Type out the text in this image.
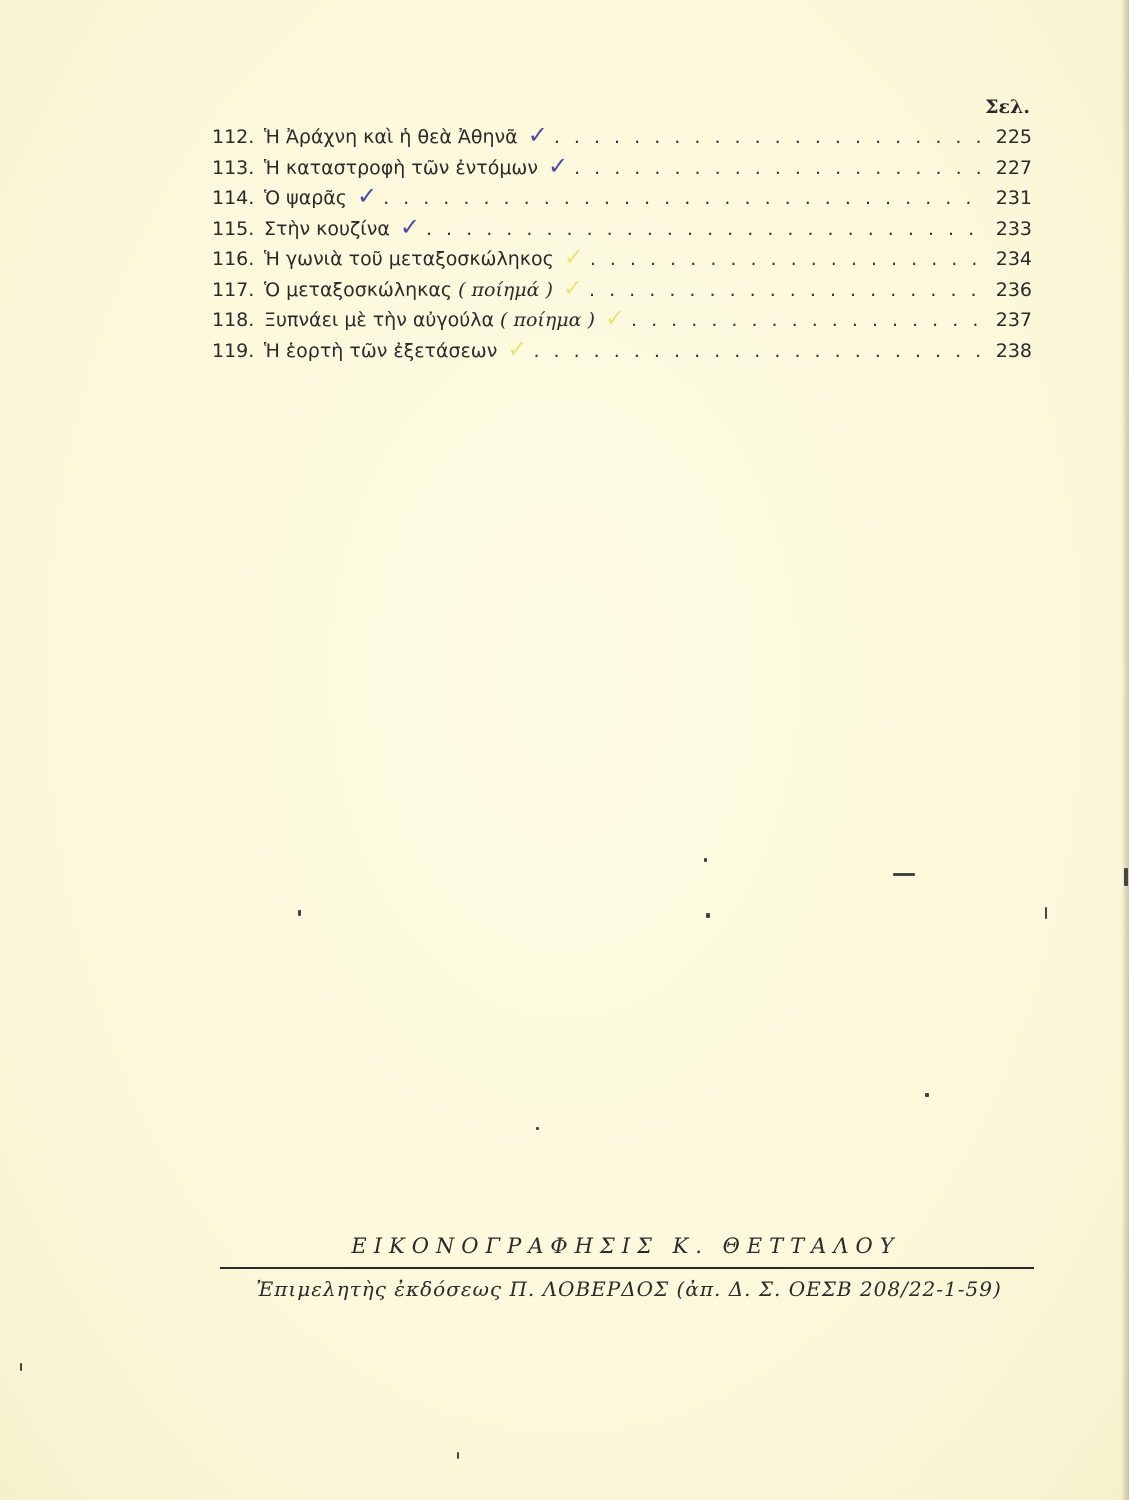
Σελ.
112. Ἡ Ἀράχνη καὶ ἡ θεὰ Ἀθηνᾶ ✓ . . .	225
113. Ἡ καταστροφὴ τῶν ἐντόμων ✓ . . .	227
114. Ὁ ψαρᾶς ✓ . . .	231
115. Στὴν κουζίνα ✓ . . .	233
116. Ἡ γωνιὰ τοῦ μεταξοσκώληκος ✓ . . .	234
117. Ὁ μεταξοσκώληκας ( ποίημά ) ✓ . . .	236
118. Ξυπνάει μὲ τὴν αὐγούλα ( ποίημα ) ✓ . . .	237
119. Ἡ ἑορτὴ τῶν ἐξετάσεων ✓ . . .	238
ΕΙΚΟΝΟΓΡΑΦΗΣΙΣ Κ. ΘΕΤΤΑΛΟΥ
Ἐπιμελητὴς ἐκδόσεως Π. ΛΟΒΕΡΔΟΣ (ἀπ. Δ. Σ. ΟΕΣΒ 208/22-1-59)
